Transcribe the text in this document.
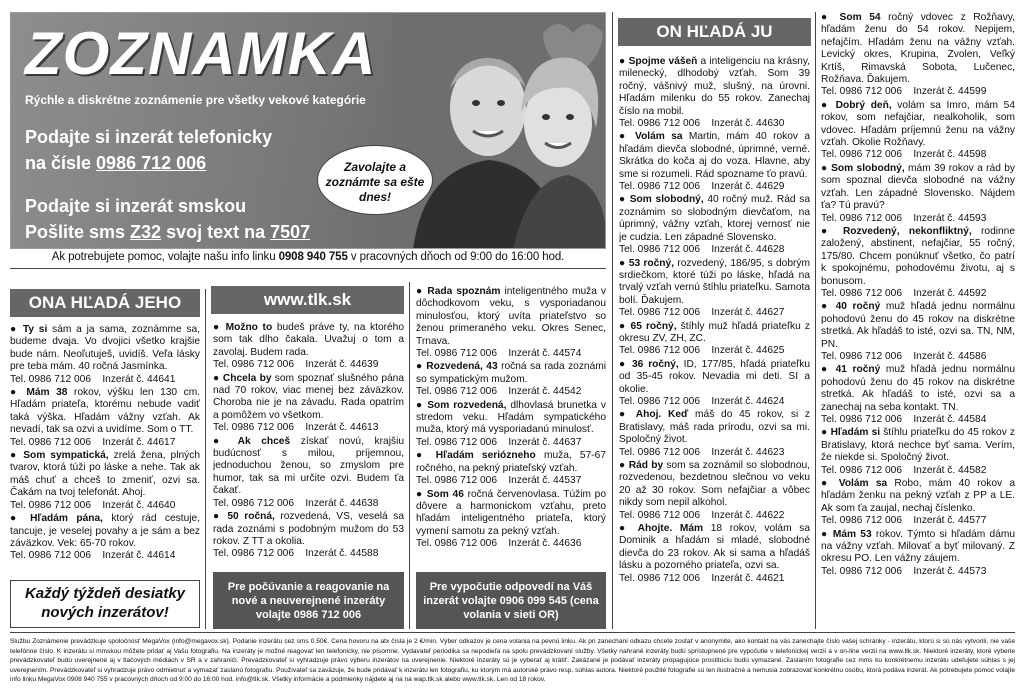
ZOZNAMKA
Rýchle a diskrétne zoznámenie pre všetky vekové kategórie
Podajte si inzerát telefonicky
na čísle 0986 712 006
Podajte si inzerát smskou
Pošlite sms Z32 svoj text na 7507
Zavolajte a zoznámte sa ešte dnes!
Ak potrebujete pomoc, volajte našu info linku 0908 940 755 v pracovných dňoch od 9:00 do 16:00 hod.
ONA HĽADÁ JEHO	www.tlk.sk
ON HĽADÁ JU

● Ty si sám a ja sama, zoznámme sa, budeme dvaja. Vo dvojici všetko krajšie bude nám. Neoľutuješ, uvidíš. Veľa lásky pre teba mám. 40 ročná Jasmínka.
Tel. 0986 712 006    Inzerát č. 44641

● Mám 38 rokov, výšku len 130 cm. Hľadám priateľa, ktorému nebude vadiť taká výška. Hľadám vážny vzťah. Ak nevadí, tak sa ozvi a uvidíme. Som o TT.
Tel. 0986 712 006    Inzerát č. 44617

● Som sympatická, zrelá žena, plných tvarov, ktorá túži po láske a nehe. Tak ak máš chuť a chceš to zmeniť, ozvi sa. Čakám na tvoj telefonát. Ahoj.
Tel. 0986 712 006    Inzerát č. 44640

● Hľadám pána, ktorý rád cestuje, tancuje, je veselej povahy a je sám a bez záväzkov. Vek: 65-70 rokov.
Tel. 0986 712 006    Inzerát č. 44614

● Možno to budeš práve ty, na ktorého som tak dlho čakala. Uvažuj o tom a zavolaj. Budem rada.
Tel. 0986 712 006    Inzerát č. 44639

● Chcela by som spoznať slušného pána nad 70 rokov, viac menej bez záväzkov. Choroba nie je na závadu. Rada opatrím a pomôžem vo všetkom.
Tel. 0986 712 006    Inzerát č. 44613

● Ak chceš získať novú, krajšiu budúcnosť s milou, príjemnou, jednoduchou ženou, so zmyslom pre humor, tak sa mi určite ozvi. Budem ťa čakať.
Tel. 0986 712 006    Inzerát č. 44638

● 50 ročná, rozvedená, VS, veselá sa rada zoznámi s podobným mužom do 53 rokov. Z TT a okolia.
Tel. 0986 712 006    Inzerát č. 44588

● Rada spoznám inteligentného muža v dôchodkovom veku, s vysporiadanou minulosťou, ktorý uvíta priateľstvo so ženou primeraného veku. Okres Senec, Trnava.
Tel. 0986 712 006    Inzerát č. 44574

● Rozvedená, 43 ročná sa rada zoznámi so sympatickým mužom.
Tel. 0986 712 006    Inzerát č. 44542

● Som rozvedená, dlhovlasá brunetka v stredom veku. Hľadám sympatického muža, ktorý má vysporiadanú minulosť.
Tel. 0986 712 006    Inzerát č. 44637

● Hľadám seriózneho muža, 57-67 ročného, na pekný priateľský vzťah.
Tel. 0986 712 006    Inzerát č. 44537

● Som 46 ročná červenovlasa. Túžim po dôvere a harmonickom vzťahu, preto hľadám inteligentného priateľa, ktorý vymení samotu za pekný vzťah.
Tel. 0986 712 006    Inzerát č. 44636

● Spojme vášeň a inteligenciu na krásny, milenecký, dlhodobý vzťah. Som 39 ročný, vášnivý muž, slušný, na úrovni. Hľadám milenku do 55 rokov. Zanechaj číslo na mobil.
Tel. 0986 712 006    Inzerát č. 44630

● Volám sa Martin, mám 40 rokov a hľadám dievča slobodné, úprimné, verné. Skrátka do koča aj do voza. Hlavne, aby sme si rozumeli. Rád spozname ťo pravú.
Tel. 0986 712 006    Inzerát č. 44629

● Som slobodný, 40 ročný muž. Rád sa zoznámim so slobodným dievčaťom, na úprimný, vážny vzťah, ktorej vernosť nie je cudzia. Len západné Slovensko.
Tel. 0986 712 006    Inzerát č. 44628

● 53 ročný, rozvedený, 186/95, s dobrým srdiečkom, ktoré túži po láske, hľadá na trvalý vzťah vernú štíhlu priateľku. Samota bolí. Ďakujem.
Tel. 0986 712 006    Inzerát č. 44627

● 65 ročný, štíhly muž hľadá priateľku z okresu ZV, ZH, ZC.
Tel. 0986 712 006    Inzerát č. 44625

● 36 ročný, ID, 177/85, hľadá priateľku od 35-45 rokov. Nevadia mi deti. SI a okolie.
Tel. 0986 712 006    Inzerát č. 44624

● Ahoj. Keď máš do 45 rokov, si z Bratislavy, máš rada prírodu, ozvi sa mi. Spoločný život.
Tel. 0986 712 006    Inzerát č. 44623

● Rád by som sa zoznámil so slobodnou, rozvedenou, bezdetnou slečnou vo veku 20 až 30 rokov. Som nefajčiar a vôbec nikdy som nepil alkohol.
Tel. 0986 712 006    Inzerát č. 44622

● Ahojte. Mám 18 rokov, volám sa Dominik a hľadám si mladé, slobodné dievča do 23 rokov. Ak si sama a hľadáš lásku a pozorného priateľa, ozvi sa.
Tel. 0986 712 006    Inzerát č. 44621

● Som 54 ročný vdovec z Rožňavy, hľadám ženu do 54 rokov. Nepijem, nefajčím. Hľadám ženu na vážny vzťah. Levický okres, Krupina, Zvolen, Veľký Krtíš, Rimavská Sobota, Lučenec, Rožňava. Ďakujem.
Tel. 0986 712 006    Inzerát č. 44599

● Dobrý deň, volám sa Imro, mám 54 rokov, som nefajčiar, nealkoholik, som vdovec. Hľadám príjemnú ženu na vážny vzťah. Okolie Rožňavy.
Tel. 0986 712 006    Inzerát č. 44598

● Som slobodný, mám 39 rokov a rád by som spoznal dievča slobodné na vážny vzťah. Len západné Slovensko. Nájdem ťa? Tú pravú?
Tel. 0986 712 006    Inzerát č. 44593

● Rozvedený, nekonfliktný, rodinne založený, abstinent, nefajčiar, 55 ročný, 175/80. Chcem ponúknuť všetko, čo patrí k spokojnému, pohodovému životu, aj s bonusom.
Tel. 0986 712 006    Inzerát č. 44592

● 40 ročný muž hľadá jednu normálnu pohodovú ženu do 45 rokov na diskrétne stretká. Ak hľadáš to isté, ozvi sa. TN, NM, PN.
Tel. 0986 712 006    Inzerát č. 44586

● 41 ročný muž hľadá jednu normálnu pohodovú ženu do 45 rokov na diskrétne stretká. Ak hľadáš to isté, ozvi sa a zanechaj na seba kontakt. TN.
Tel. 0986 712 006    Inzerát č. 44584

● Hľadám si štíhlu priateľku do 45 rokov z Bratislavy, ktorá nechce byť sama. Verím, že niekde si. Spoločný život.
Tel. 0986 712 006    Inzerát č. 44582

● Volám sa Robo, mám 40 rokov a hľadám ženku na pekný vzťah z PP a LE. Ak som ťa zaujal, nechaj číslenko.
Tel. 0986 712 006    Inzerát č. 44577

● Mám 53 rokov. Týmto si hľadám dámu na vážny vzťah. Milovať a byť milovaný. Z okresu PO. Len vážny záujem.
Tel. 0986 712 006    Inzerát č. 44573

Každý týždeň desiatky nových inzerátov!
Pre počúvanie a reagovanie na nové a neuverejnené inzeráty volajte 0986 712 006
Pre vypočutie odpovedí na Váš inzerát volajte 0906 099 545 (cena volania v sieti OR)
Službu Zoznámenie prevádzkuje spoločnosť MegaVox (info@megavox.sk). Podanie inzerátu cez sms 0.50€. Cena hovoru na atx čísla je 2 €/min. Výber odkazov je cena volania na pevnú linku. Ak pri zanechaní odkazu chcete zostať v anonymite, ako kontakt na vás zanechajte číslo vašej schránky - inzerátu, ktorú si sú nás vytvorili, nie vaše telefónne číslo. K inzerátu si mmskou môžete pridať aj Vašu fotografiu. Na inzeráty je možné reagovať len telefonicky, nie písomne. Vydavateľ periodika sa nepodieľa na spolu prevádzkovaní služby. Všetky nahrané inzeráty budú sprístupnené pre vypočutie v telefonickej verzii a v on-line verzii na www.tlk.sk. Niektoré inzeráty, ktoré vyberie prevádzkovateľ budú uverejnené aj v tlačových médiách v SR a v zahraničí. Prevádzkovateľ si vyhradzuje právo výberu inzerátov na uverejnenie. Niektoré inzeráty sú je vyberať aj krátiť. Zakázané je podávať inzeráty propagujúce prostitúciu budú vymazané. Zaslaním fotografie cez mms ku konkrétnemu inzerátu udeľujete súhlas s jej uverejnením. Prevádzkovateľ si vyhradzuje právo odmietnuť a vymazať zaslanú fotografiu. Používateľ sa zaväzuje, že bude pridávať k inzerátu len fotografiu, ku ktorým má autorské právo resp. súhlas autora. Niektoré použité fotografie sú len ilustračné a nemusia zobrazovať konkrétnu osobu, ktorá podáva inzerát. Ak potrebujete pomoc volajte info linku MegaVox 0908 940 755 v pracovných dňoch od 9:00 do 16:00 hod. info@tlk.sk. Všetky informácie a podmienky nájdete aj na na wap.tlk.sk alebo www.tlk.sk. Len od 18 rokov.
